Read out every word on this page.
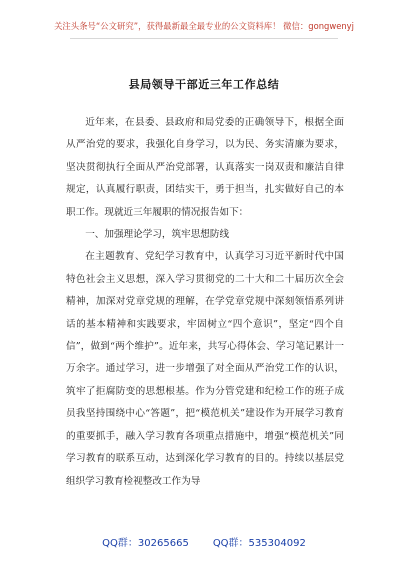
关注头条号“公文研究”，获得最新最全最专业的公文资料库！ 微信：gongwenyj
县局领导干部近三年工作总结

近年来，在县委、县政府和局党委的正确领导下，根据全面从严治党的要求，我强化自身学习，以为民、务实清廉为要求，坚决贯彻执行全面从严治党部署，认真落实一岗双责和廉洁自律规定，认真履行职责，团结实干，勇于担当，扎实做好自己的本职工作。现就近三年履职的情况报告如下：

一、加强理论学习，筑牢思想防线

在主题教育、党纪学习教育中，认真学习习近平新时代中国特色社会主义思想，深入学习贯彻党的二十大和二十届历次全会精神，加深对党章党规的理解，在学党章党规中深刻领悟系列讲话的基本精神和实践要求，牢固树立“四个意识”，坚定“四个自信”，做到“两个维护”。近年来，共写心得体会、学习笔记累计一万余字。通过学习，进一步增强了对全面从严治党工作的认识，筑牢了拒腐防变的思想根基。作为分管党建和纪检工作的班子成员我坚持围绕中心“答题”，把“模范机关”建设作为开展学习教育的重要抓手，融入学习教育各项重点措施中，增强“模范机关”同学习教育的联系互动，达到深化学习教育的目的。持续以基层党组织学习教育检视整改工作为导

QQ群：30265665 QQ群：535304092
